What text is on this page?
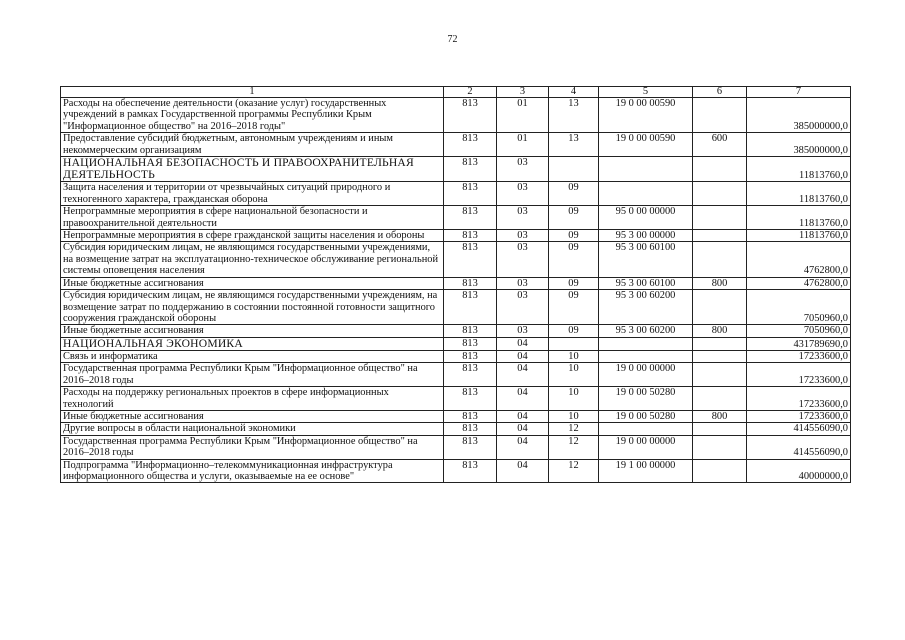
72
1	2	3	4	5	6	7
Расходы на обеспечение деятельности (оказание услуг) государственных учреждений в рамках Государственной программы Республики Крым "Информационное общество" на 2016–2018 годы"	813	01	13	19 0 00 00590		385000000,0
Предоставление субсидий бюджетным, автономным учреждениям и иным некоммерческим организациям	813	01	13	19 0 00 00590	600	385000000,0
НАЦИОНАЛЬНАЯ БЕЗОПАСНОСТЬ И ПРАВООХРАНИТЕЛЬНАЯ ДЕЯТЕЛЬНОСТЬ	813	03				11813760,0
Защита населения и территории от чрезвычайных ситуаций природного и техногенного характера, гражданская оборона	813	03	09			11813760,0
Непрограммные мероприятия в сфере национальной безопасности и правоохранительной деятельности	813	03	09	95 0 00 00000		11813760,0
Непрограммные мероприятия в сфере гражданской защиты населения и обороны	813	03	09	95 3 00 00000		11813760,0
Субсидия юридическим лицам, не являющимся государственными учреждениями, на возмещение затрат на эксплуатационно-техническое обслуживание региональной системы оповещения населения	813	03	09	95 3 00 60100		4762800,0
Иные бюджетные ассигнования	813	03	09	95 3 00 60100	800	4762800,0
Субсидия юридическим лицам, не являющимся государственными учреждениям, на возмещение затрат по поддержанию в состоянии постоянной готовности защитного сооружения гражданской обороны	813	03	09	95 3 00 60200		7050960,0
Иные бюджетные ассигнования	813	03	09	95 3 00 60200	800	7050960,0
НАЦИОНАЛЬНАЯ ЭКОНОМИКА	813	04				431789690,0
Связь и информатика	813	04	10			17233600,0
Государственная программа Республики Крым "Информационное общество" на 2016–2018 годы	813	04	10	19 0 00 00000		17233600,0
Расходы на поддержку региональных проектов в сфере информационных технологий	813	04	10	19 0 00 50280		17233600,0
Иные бюджетные ассигнования	813	04	10	19 0 00 50280	800	17233600,0
Другие вопросы в области национальной экономики	813	04	12			414556090,0
Государственная программа Республики Крым "Информационное общество" на 2016–2018 годы	813	04	12	19 0 00 00000		414556090,0
Подпрограмма "Информационно–телекоммуникационная инфраструктура информационного общества и услуги, оказываемые на ее основе"	813	04	12	19 1 00 00000		40000000,0
